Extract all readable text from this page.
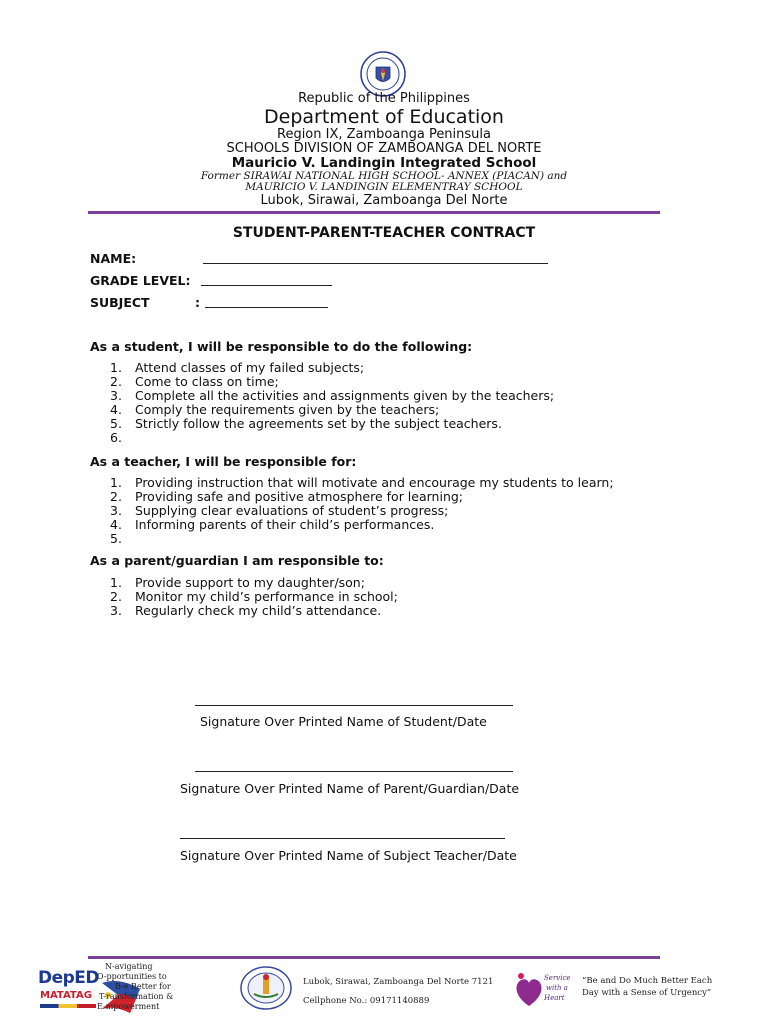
Republic of the Philippines
Department of Education
Region IX, Zamboanga Peninsula
SCHOOLS DIVISION OF ZAMBOANGA DEL NORTE
Mauricio V. Landingin Integrated School
Former SIRAWAI NATIONAL HIGH SCHOOL- ANNEX (PIACAN) and
MAURICIO V. LANDINGIN ELEMENTRAY SCHOOL
Lubok, Sirawai, Zamboanga Del Norte
STUDENT-PARENT-TEACHER CONTRACT
NAME:
GRADE LEVEL:
SUBJECT	:
As a student, I will be responsible to do the following:
1. Attend classes of my failed subjects;
2. Come to class on time;
3. Complete all the activities and assignments given by the teachers;
4. Comply the requirements given by the teachers;
5. Strictly follow the agreements set by the subject teachers.
6.
As a teacher, I will be responsible for:
1. Providing instruction that will motivate and encourage my students to learn;
2. Providing safe and positive atmosphere for learning;
3. Supplying clear evaluations of student’s progress;
4. Informing parents of their child’s performances.
5.
As a parent/guardian I am responsible to:
1. Provide support to my daughter/son;
2. Monitor my child’s performance in school;
3. Regularly check my child’s attendance.
Signature Over Printed Name of Student/Date
Signature Over Printed Name of Parent/Guardian/Date
Signature Over Printed Name of Subject Teacher/Date
DepED
MATATAG
N-avigating
O-pportunities to
B-e Better for
T-ransformation &
E-mpowerment
Lubok, Sirawai, Zamboanga Del Norte 7121
Cellphone No.: 09171140889
Service
with a
Heart
“Be and Do Much Better Each
Day with a Sense of Urgency”
